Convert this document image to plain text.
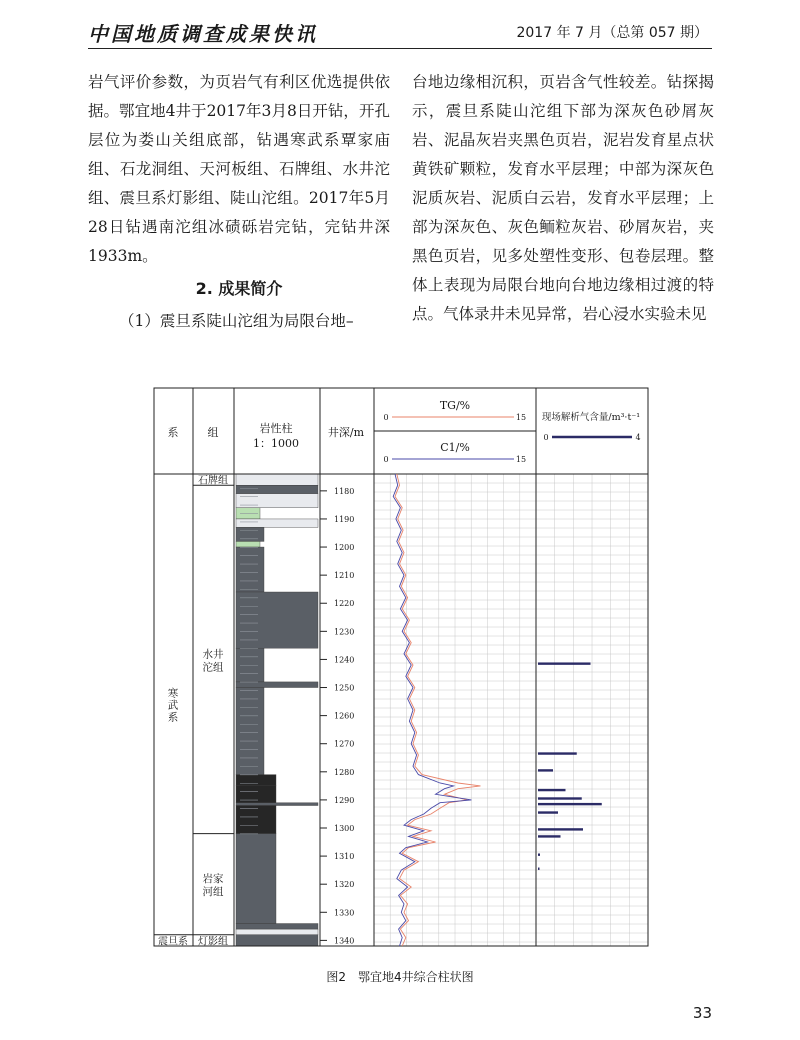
中国地质调查成果快讯	2017 年 7 月（总第 057 期）

岩气评价参数，为页岩气有利区优选提供依据。鄂宜地4井于2017年3月8日开钻，开孔层位为娄山关组底部，钻遇寒武系覃家庙组、石龙洞组、天河板组、石牌组、水井沱组、震旦系灯影组、陡山沱组。2017年5月28日钻遇南沱组冰碛砾岩完钻，完钻井深1933m。

2. 成果简介

（1）震旦系陡山沱组为局限台地–

台地边缘相沉积，页岩含气性较差。钻探揭示，震旦系陡山沱组下部为深灰色砂屑灰岩、泥晶灰岩夹黑色页岩，泥岩发育星点状黄铁矿颗粒，发育水平层理；中部为深灰色泥质灰岩、泥质白云岩，发育水平层理；上部为深灰色、灰色鲕粒灰岩、砂屑灰岩，夹黑色页岩，见多处塑性变形、包卷层理。整体上表现为局限台地向台地边缘相过渡的特点。气体录井未见异常，岩心浸水实验未见

系	组	岩性柱
1：1000
井深/m
TG/%
0	15
C1/%
0	15
现场解析气含量/m³·t⁻¹
0	4
寒
武
系
震旦系
石牌组
水井
沱组
岩家
河组
灯影组
1180
1190
1200
1210
1220
1230
1240
1250
1260
1270
1280
1290
1300
1310
1320
1330
1340
图2　鄂宜地4井综合柱状图
33
